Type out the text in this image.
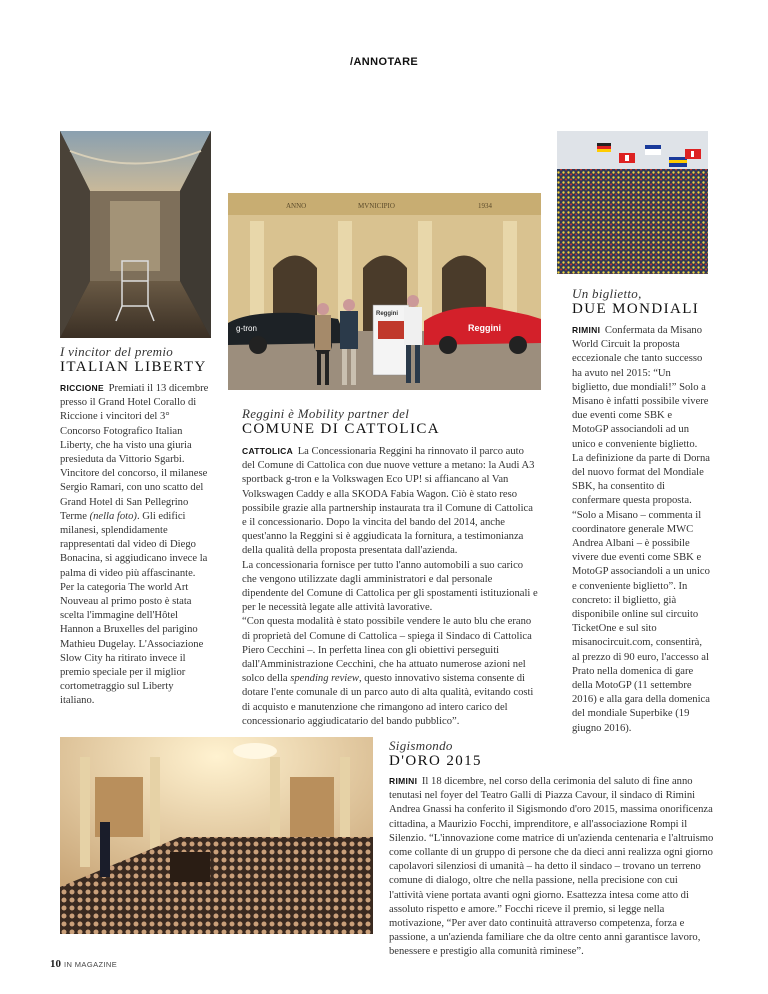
/ANNOTARE
ANNO	MVNICIPIO	1934
g-tron	Reggini
Reggini
I vincitor del premio
ITALIAN LIBERTY
RICCIONE Premiati il 13 dicembre presso il Grand Hotel Corallo di Riccione i vincitori del 3° Concorso Fotografico Italian Liberty, che ha visto una giuria presieduta da Vittorio Sgarbi. Vincitore del concorso, il milanese Sergio Ramari, con uno scatto del Grand Hotel di San Pellegrino Terme (nella foto). Gli edifici milanesi, splendidamente rappresentati dal video di Diego Bonacina, si aggiudicano invece la palma di video più affascinante. Per la categoria The world Art Nouveau al primo posto è stata scelta l'immagine dell'Hôtel Hannon a Bruxelles del parigino Mathieu Dugelay. L'Associazione Slow City ha ritirato invece il premio speciale per il miglior cortometraggio sul Liberty italiano.
Reggini è Mobility partner del
COMUNE DI CATTOLICA
CATTOLICA La Concessionaria Reggini ha rinnovato il parco auto del Comune di Cattolica con due nuove vetture a metano: la Audi A3 sportback g-tron e la Volkswagen Eco UP! si affiancano al Van Volkswagen Caddy e alla SKODA Fabia Wagon. Ciò è stato reso possibile grazie alla partnership instaurata tra il Comune di Cattolica e il concessionario. Dopo la vincita del bando del 2014, anche quest'anno la Reggini si è aggiudicata la fornitura, a testimonianza della qualità della proposta presentata dall'azienda.
La concessionaria fornisce per tutto l'anno automobili a suo carico che vengono utilizzate dagli amministratori e dal personale dipendente del Comune di Cattolica per gli spostamenti istituzionali e per le necessità legate alle attività lavorative.
“Con questa modalità è stato possibile vendere le auto blu che erano di proprietà del Comune di Cattolica – spiega il Sindaco di Cattolica Piero Cecchini –. In perfetta linea con gli obiettivi perseguiti dall'Amministrazione Cecchini, che ha attuato numerose azioni nel solco della spending review, questo innovativo sistema consente di dotare l'ente comunale di un parco auto di alta qualità, evitando costi di acquisto e manutenzione che rimangono ad intero carico del concessionario aggiudicatario del bando pubblico”.
Un biglietto,
DUE MONDIALI
RIMINI Confermata da Misano World Circuit la proposta eccezionale che tanto successo ha avuto nel 2015: “Un biglietto, due mondiali!” Solo a Misano è infatti possibile vivere due eventi come SBK e MotoGP associandoli ad un unico e conveniente biglietto. La definizione da parte di Dorna del nuovo format del Mondiale SBK, ha consentito di confermare questa proposta. “Solo a Misano – commenta il coordinatore generale MWC Andrea Albani – è possibile vivere due eventi come SBK e MotoGP associandoli a un unico e conveniente biglietto”. In concreto: il biglietto, già disponibile online sul circuito TicketOne e sul sito misanocircuit.com, consentirà, al prezzo di 90 euro, l'accesso al Prato nella domenica di gare della MotoGP (11 settembre 2016) e alla gara della domenica del mondiale Superbike (19 giugno 2016).
Sigismondo
D'ORO 2015
RIMINI Il 18 dicembre, nel corso della cerimonia del saluto di fine anno tenutasi nel foyer del Teatro Galli di Piazza Cavour, il sindaco di Rimini Andrea Gnassi ha conferito il Sigismondo d'oro 2015, massima onorificenza cittadina, a Maurizio Focchi, imprenditore, e all'associazione Rompi il Silenzio. “L'innovazione come matrice di un'azienda centenaria e l'altruismo come collante di un gruppo di persone che da dieci anni realizza ogni giorno capolavori silenziosi di umanità – ha detto il sindaco – trovano un terreno comune di dialogo, oltre che nella passione, nella precisione con cui l'attività viene portata avanti ogni giorno. Esattezza intesa come atto di assoluto rispetto e amore.” Focchi riceve il premio, si legge nella motivazione, “Per aver dato continuità attraverso competenza, forza e passione, a un'azienda familiare che da oltre cento anni garantisce lavoro, benessere e prestigio alla comunità riminese”.
10 IN MAGAZINE
